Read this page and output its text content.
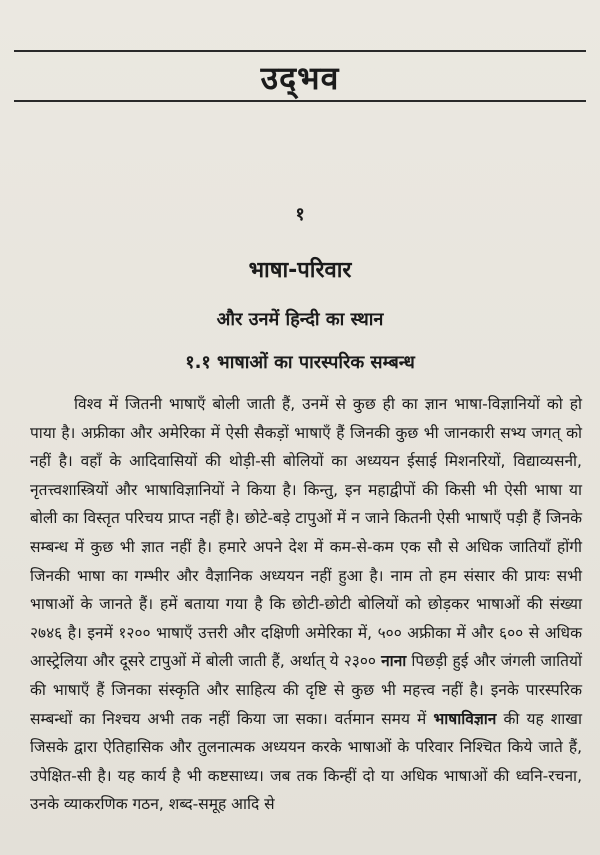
उद्‌भव
१
भाषा-परिवार
और उनमें हिन्दी का स्थान
१.१ भाषाओं का पारस्परिक सम्बन्ध

विश्व में जितनी भाषाएँ बोली जाती हैं, उनमें से कुछ ही का ज्ञान भाषा-विज्ञानियों को हो पाया है। अफ्रीका और अमेरिका में ऐसी सैकड़ों भाषाएँ हैं जिनकी कुछ भी जानकारी सभ्य जगत् को नहीं है। वहाँ के आदिवासियों की थोड़ी-सी बोलियों का अध्ययन ईसाई मिशनरियों, विद्याव्यसनी, नृतत्त्वशास्त्रियों और भाषाविज्ञानियों ने किया है। किन्तु, इन महाद्वीपों की किसी भी ऐसी भाषा या बोली का विस्तृत परिचय प्राप्त नहीं है। छोटे-बड़े टापुओं में न जाने कितनी ऐसी भाषाएँ पड़ी हैं जिनके सम्बन्ध में कुछ भी ज्ञात नहीं है। हमारे अपने देश में कम-से-कम एक सौ से अधिक जातियाँ होंगी जिनकी भाषा का गम्भीर और वैज्ञानिक अध्ययन नहीं हुआ है। नाम तो हम संसार की प्रायः सभी भाषाओं के जानते हैं। हमें बताया गया है कि छोटी-छोटी बोलियों को छोड़कर भाषाओं की संख्या २७४६ है। इनमें १२०० भाषाएँ उत्तरी और दक्षिणी अमेरिका में, ५०० अफ्रीका में और ६०० से अधिक आस्ट्रेलिया और दूसरे टापुओं में बोली जाती हैं, अर्थात् ये २३०० नाना पिछड़ी हुई और जंगली जातियों की भाषाएँ हैं जिनका संस्कृति और साहित्य की दृष्टि से कुछ भी महत्त्व नहीं है। इनके पारस्परिक सम्बन्धों का निश्चय अभी तक नहीं किया जा सका। वर्तमान समय में भाषाविज्ञान की यह शाखा जिसके द्वारा ऐतिहासिक और तुलनात्मक अध्ययन करके भाषाओं के परिवार निश्चित किये जाते हैं, उपेक्षित-सी है। यह कार्य है भी कष्टसाध्य। जब तक किन्हीं दो या अधिक भाषाओं की ध्वनि-रचना, उनके व्याकरणिक गठन, शब्द-समूह आदि से
